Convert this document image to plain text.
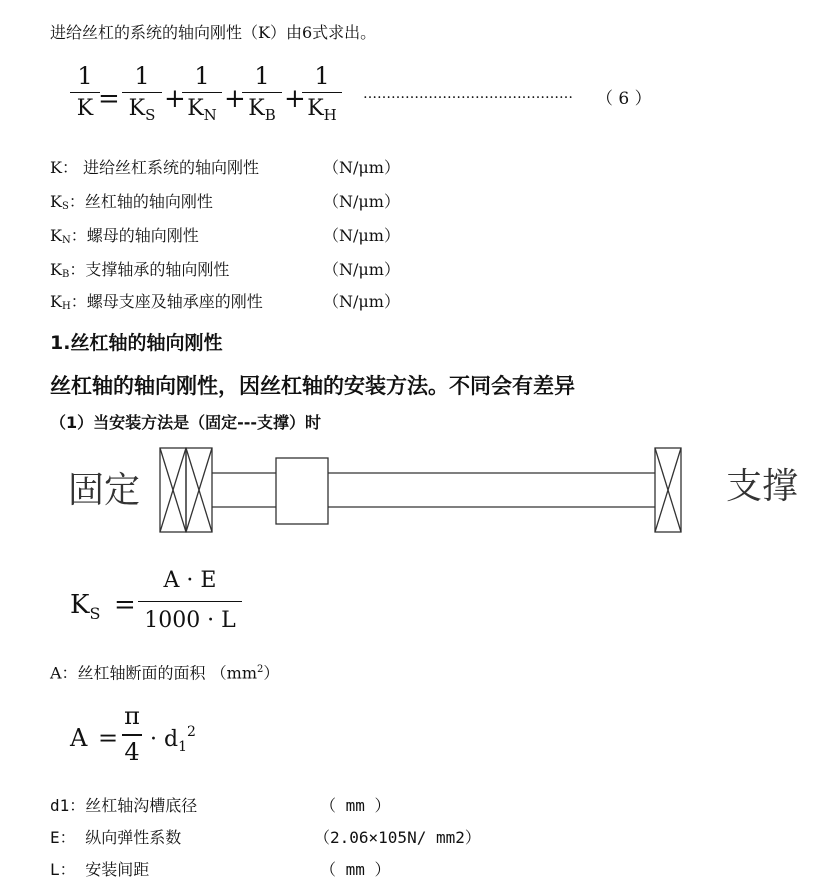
进给丝杠的系统的轴向刚性（K）由6式求出。
1
K =
1
$K_S$
+
1
$K_N$
+
1
$K_B$
+
1
$K_H$
……………………………………… （ 6 ）
K： 进给丝杠系统的轴向刚性	（N/μm）
$K_S$：丝杠轴的轴向刚性	（N/μm）
$K_N$：螺母的轴向刚性	（N/μm）
$K_B$：支撑轴承的轴向刚性	（N/μm）
$K_H$：螺母支座及轴承座的刚性	（N/μm）
1.丝杠轴的轴向刚性
丝杠轴的轴向刚性，因丝杠轴的安装方法。不同会有差异
（1）当安装方法是（固定---支撑）时
固定	支撑
$K_S$ =
A · E
1000 · L
A：丝杠轴断面的面积 $(mm^2)$
A =
π
$4 \cdot d_1^2$
d1：丝杠轴沟槽底径	（ mm ）
E： 纵向弹性系数	（2.06×105N/ mm2）
L： 安装间距	（ mm ）
